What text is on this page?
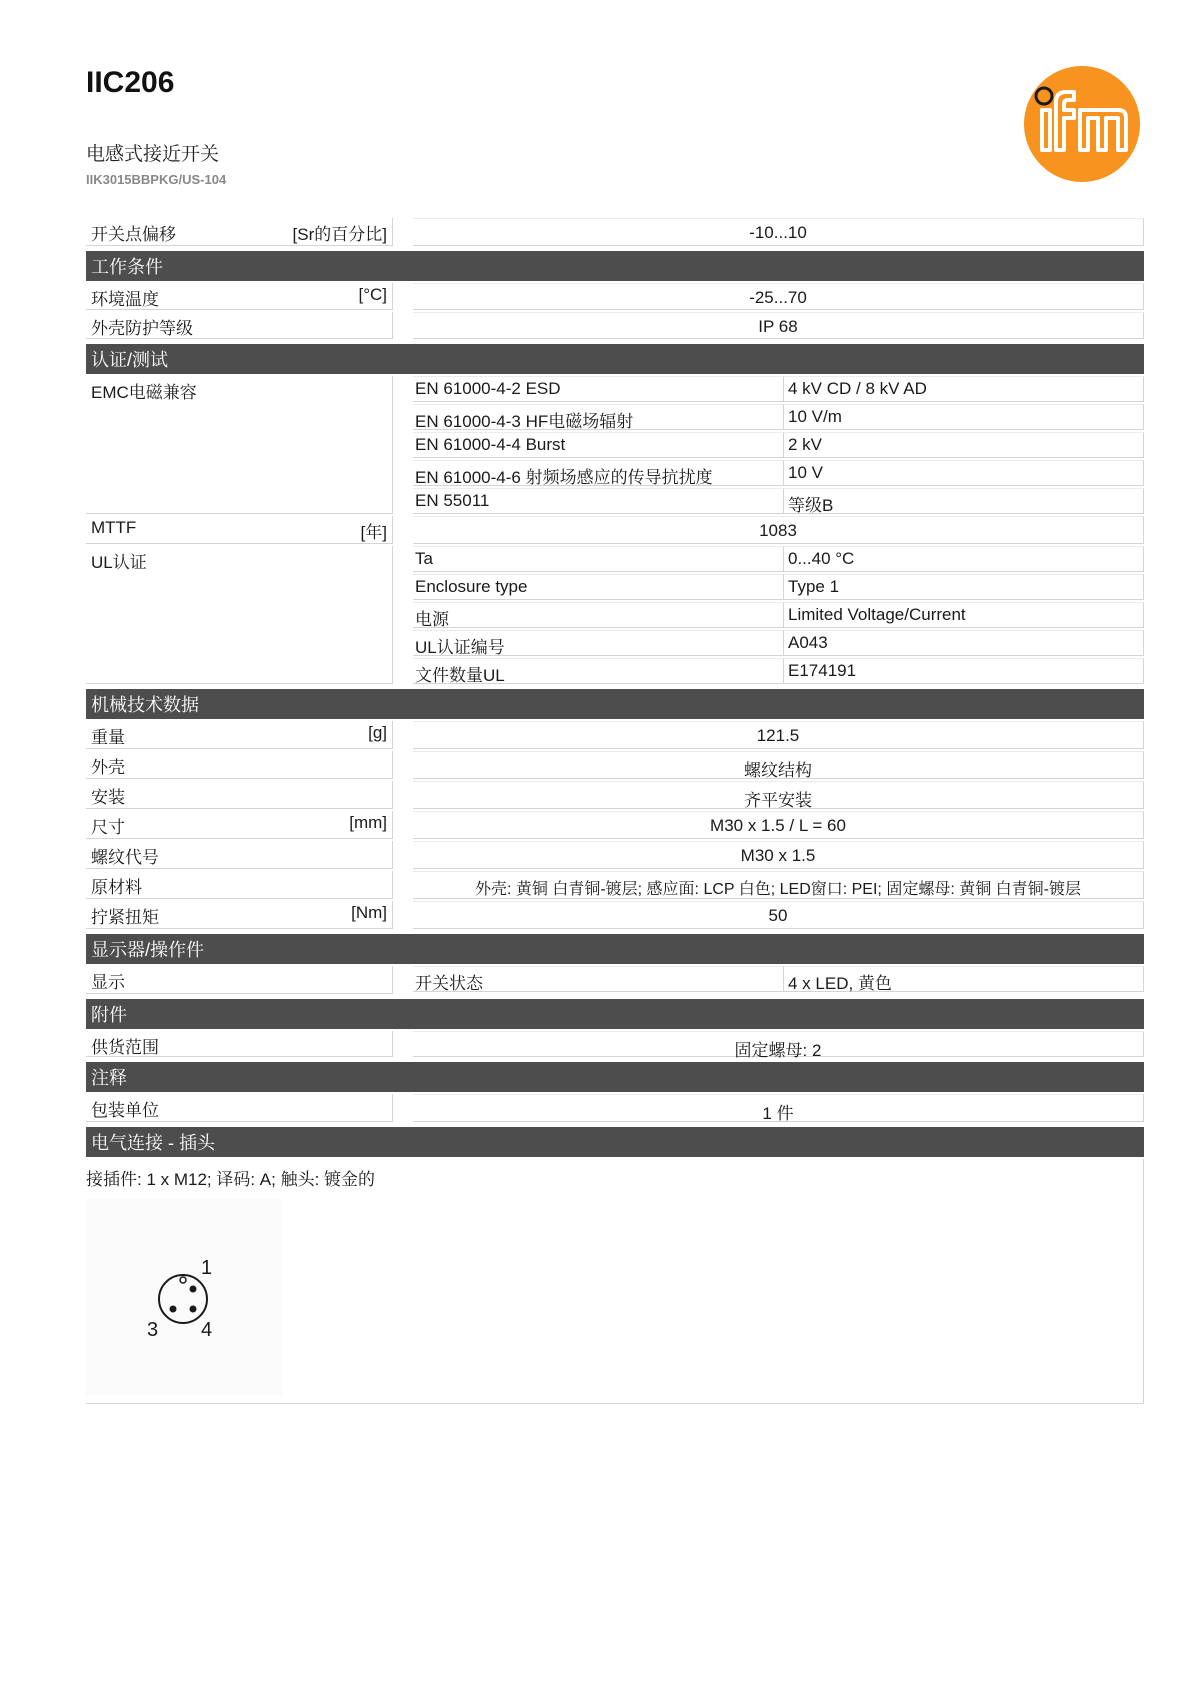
IIC206
电感式接近开关
IIK3015BBPKG/US-104
开关点偏移	[Sr的百分比]	-10...10
工作条件
环境温度	[°C]	-25...70
外壳防护等级	IP 68
认证/测试
EMC电磁兼容	EN 61000-4-2 ESD	4 kV CD / 8 kV AD
EN 61000-4-3 HF电磁场辐射	10 V/m
EN 61000-4-4 Burst	2 kV
EN 61000-4-6 射频场感应的传导抗扰度	10 V
EN 55011	等级B
MTTF	[年]	1083
UL认证	Ta	0...40 °C
Enclosure type	Type 1
电源	Limited Voltage/Current
UL认证编号	A043
文件数量UL	E174191
机械技术数据
重量	[g]	121.5
外壳	螺纹结构
安装	齐平安装
尺寸	[mm]	M30 x 1.5 / L = 60
螺纹代号	M30 x 1.5
原材料	外壳: 黄铜 白青铜-镀层; 感应面: LCP 白色; LED窗口: PEI; 固定螺母: 黄铜 白青铜-镀层
拧紧扭矩	[Nm]	50
显示器/操作件
显示	开关状态	4 x LED, 黄色
附件
供货范围	固定螺母: 2
注释
包装单位	1 件
电气连接 - 插头
接插件: 1 x M12; 译码: A; 触头: 镀金的
1
3 4
